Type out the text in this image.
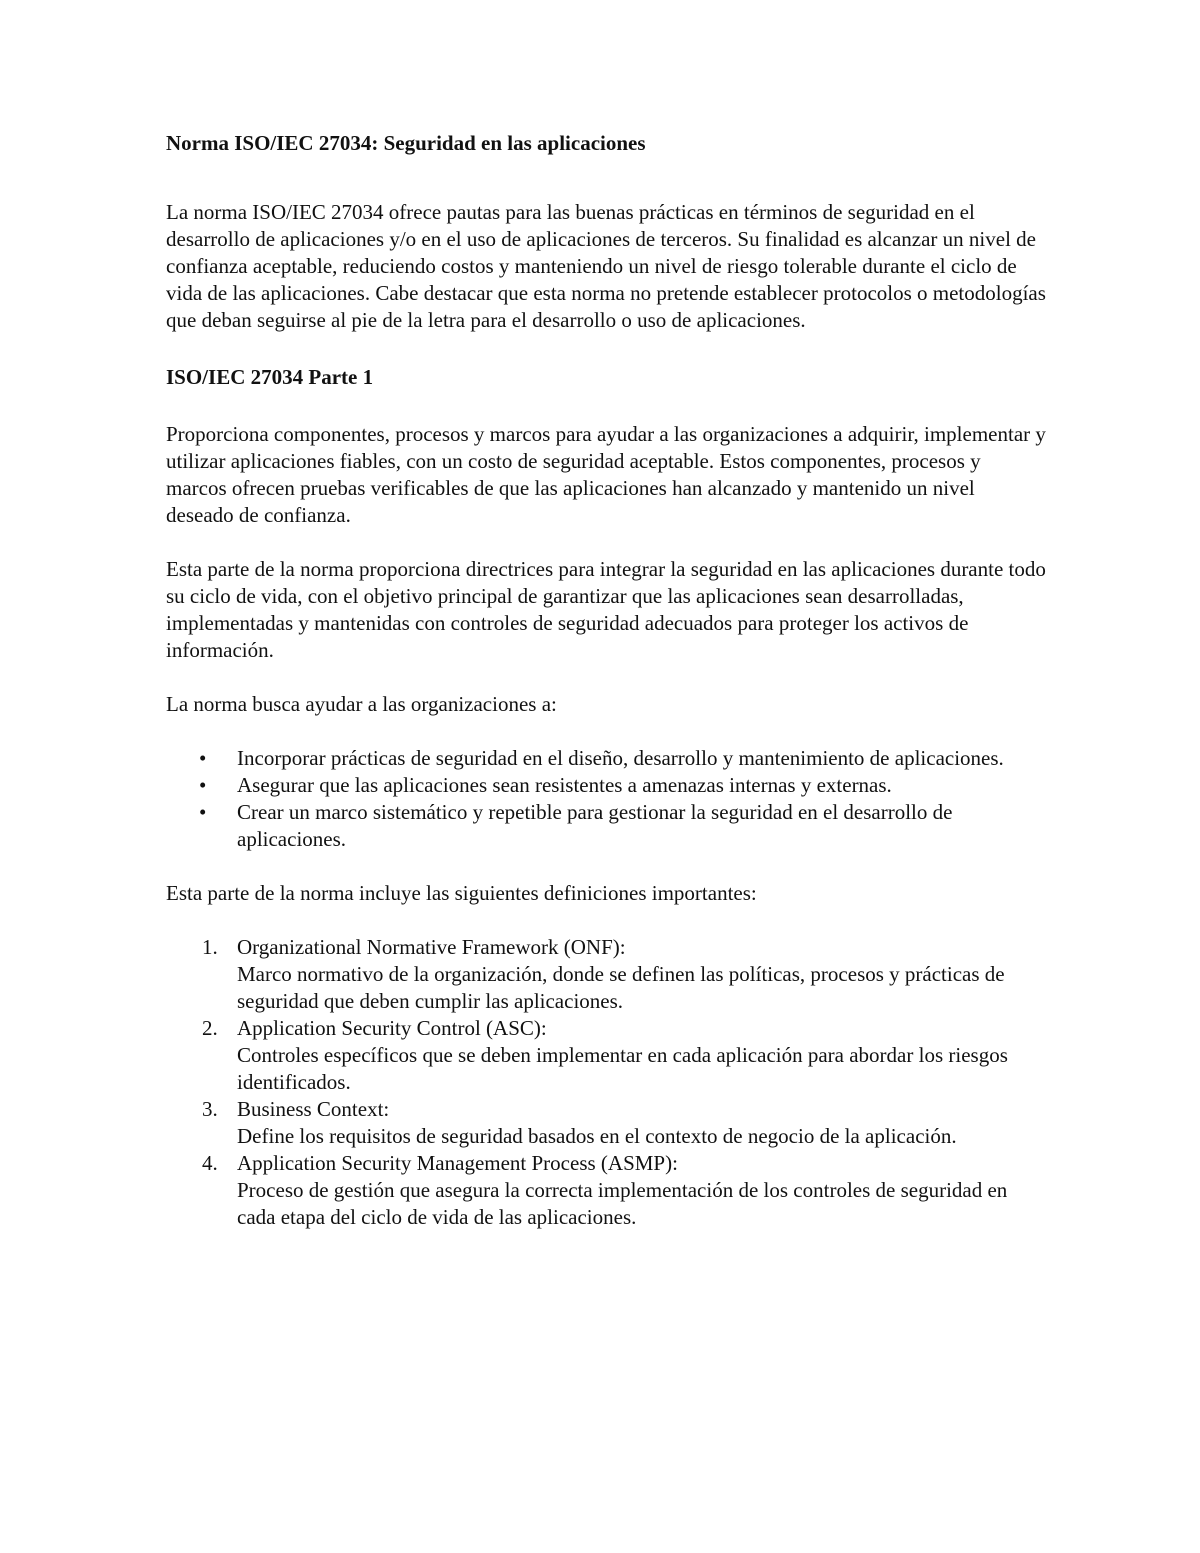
Norma ISO/IEC 27034: Seguridad en las aplicaciones

La norma ISO/IEC 27034 ofrece pautas para las buenas prácticas en términos de seguridad en el desarrollo de aplicaciones y/o en el uso de aplicaciones de terceros. Su finalidad es alcanzar un nivel de confianza aceptable, reduciendo costos y manteniendo un nivel de riesgo tolerable durante el ciclo de vida de las aplicaciones. Cabe destacar que esta norma no pretende establecer protocolos o metodologías que deban seguirse al pie de la letra para el desarrollo o uso de aplicaciones.

ISO/IEC 27034 Parte 1

Proporciona componentes, procesos y marcos para ayudar a las organizaciones a adquirir, implementar y utilizar aplicaciones fiables, con un costo de seguridad aceptable. Estos componentes, procesos y marcos ofrecen pruebas verificables de que las aplicaciones han alcanzado y mantenido un nivel deseado de confianza.

Esta parte de la norma proporciona directrices para integrar la seguridad en las aplicaciones durante todo su ciclo de vida, con el objetivo principal de garantizar que las aplicaciones sean desarrolladas, implementadas y mantenidas con controles de seguridad adecuados para proteger los activos de información.

La norma busca ayudar a las organizaciones a:

• Incorporar prácticas de seguridad en el diseño, desarrollo y mantenimiento de aplicaciones.
• Asegurar que las aplicaciones sean resistentes a amenazas internas y externas.
• Crear un marco sistemático y repetible para gestionar la seguridad en el desarrollo de aplicaciones.

Esta parte de la norma incluye las siguientes definiciones importantes:

1. Organizational Normative Framework (ONF):
Marco normativo de la organización, donde se definen las políticas, procesos y prácticas de seguridad que deben cumplir las aplicaciones.
2. Application Security Control (ASC):
Controles específicos que se deben implementar en cada aplicación para abordar los riesgos identificados.
3. Business Context:
Define los requisitos de seguridad basados en el contexto de negocio de la aplicación.
4. Application Security Management Process (ASMP):
Proceso de gestión que asegura la correcta implementación de los controles de seguridad en cada etapa del ciclo de vida de las aplicaciones.
